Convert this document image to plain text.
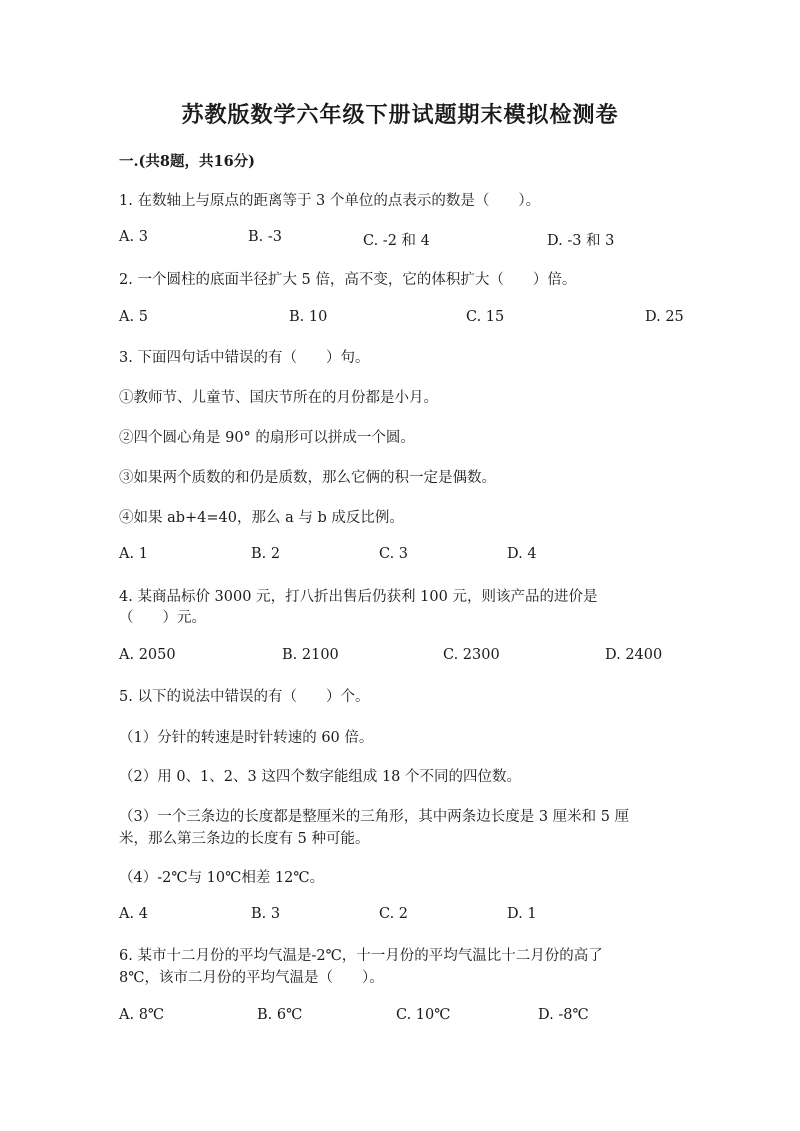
苏教版数学六年级下册试题期末模拟检测卷
一.(共8题，共16分)
1. 在数轴上与原点的距离等于 3 个单位的点表示的数是（　　）。
A. 3	B. -3	C. -2 和 4	D. -3 和 3
2. 一个圆柱的底面半径扩大 5 倍，高不变，它的体积扩大（　　）倍。
A. 5	B. 10	C. 15	D. 25
3. 下面四句话中错误的有（　　）句。
①教师节、儿童节、国庆节所在的月份都是小月。
②四个圆心角是 90° 的扇形可以拼成一个圆。
③如果两个质数的和仍是质数，那么它俩的积一定是偶数。
④如果 ab+4=40，那么 a 与 b 成反比例。
A. 1	B. 2	C. 3	D. 4
4. 某商品标价 3000 元，打八折出售后仍获利 100 元，则该产品的进价是
（　　）元。
A. 2050	B. 2100	C. 2300	D. 2400
5. 以下的说法中错误的有（　　）个。
（1）分针的转速是时针转速的 60 倍。
（2）用 0、1、2、3 这四个数字能组成 18 个不同的四位数。
（3）一个三条边的长度都是整厘米的三角形，其中两条边长度是 3 厘米和 5 厘
米，那么第三条边的长度有 5 种可能。
（4）-2℃与 10℃相差 12℃。
A. 4	B. 3	C. 2	D. 1
6. 某市十二月份的平均气温是-2℃，十一月份的平均气温比十二月份的高了
8℃，该市二月份的平均气温是（　　）。
A. 8℃	B. 6℃	C. 10℃	D. -8℃
